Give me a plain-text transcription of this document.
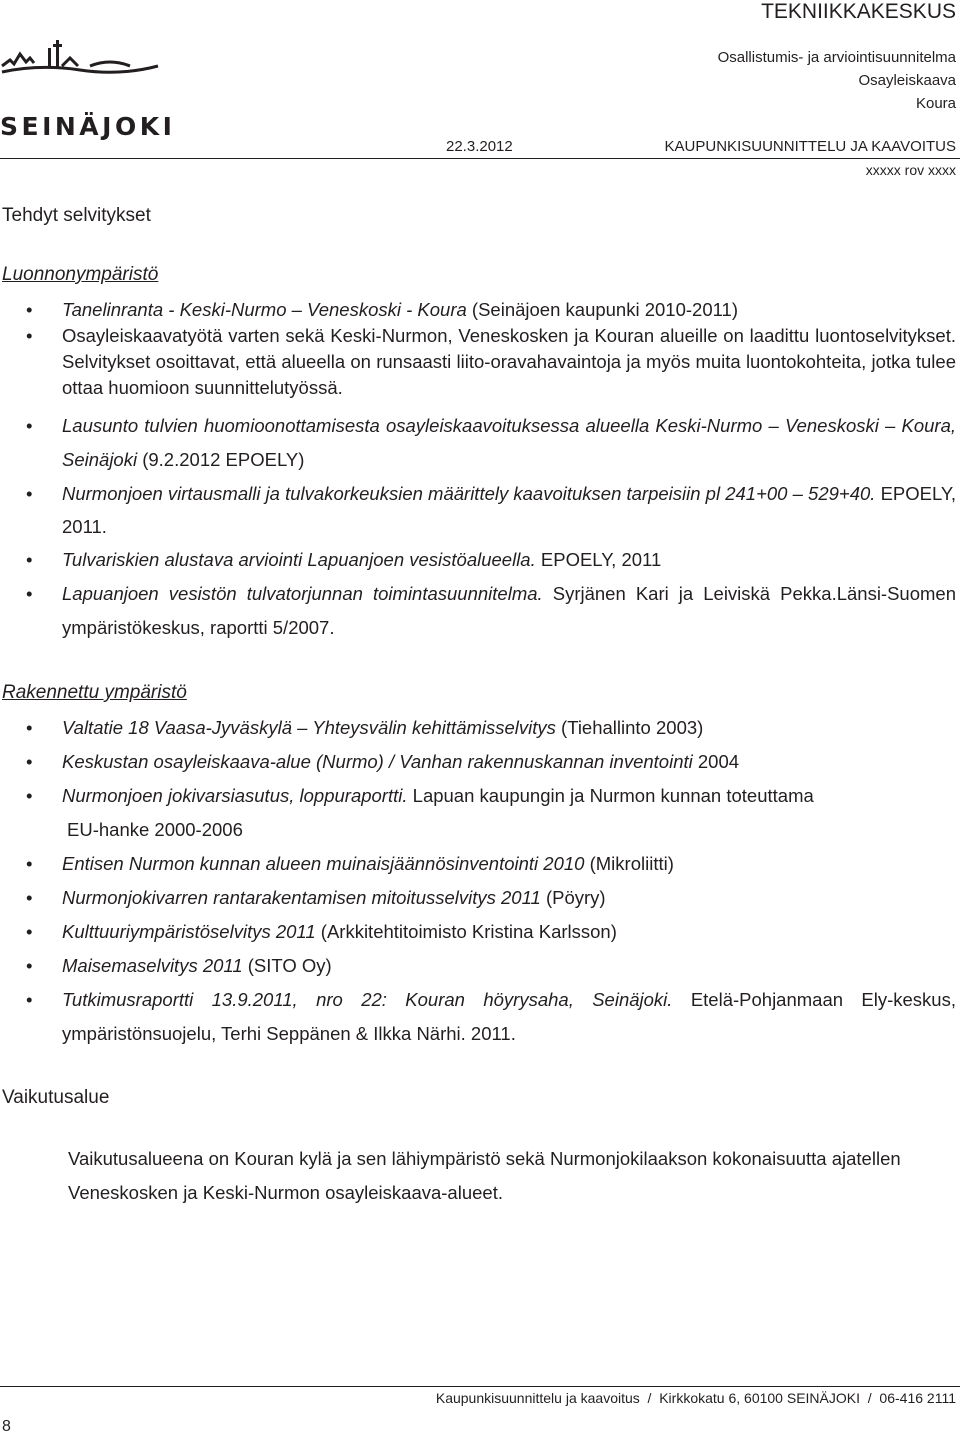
TEKNIIKKAKESKUS
Osallistumis- ja arviointisuunnitelma
Osayleiskaava
Koura
22.3.2012	KAUPUNKISUUNNITTELU JA KAAVOITUS
xxxxx rov xxxx
SEINÄJOKI
Tehdyt selvitykset
Luonnonympäristö
• Tanelinranta - Keski-Nurmo – Veneskoski - Koura (Seinäjoen kaupunki 2010-2011)
• Osayleiskaavatyötä varten sekä Keski-Nurmon, Veneskosken ja Kouran alueille on laadittu luontoselvitykset. Selvitykset osoittavat, että alueella on runsaasti liito-oravahavaintoja ja myös muita luontokohteita, jotka tulee ottaa huomioon suunnittelutyössä.
• Lausunto tulvien huomioonottamisesta osayleiskaavoituksessa alueella Keski-Nurmo – Veneskoski – Koura, Seinäjoki (9.2.2012 EPOELY)
• Nurmonjoen virtausmalli ja tulvakorkeuksien määrittely kaavoituksen tarpeisiin pl 241+00 – 529+40. EPOELY, 2011.
• Tulvariskien alustava arviointi Lapuanjoen vesistöalueella. EPOELY, 2011
• Lapuanjoen vesistön tulvatorjunnan toimintasuunnitelma. Syrjänen Kari ja Leiviskä Pekka.Länsi-Suomen ympäristökeskus, raportti 5/2007.
Rakennettu ympäristö
• Valtatie 18 Vaasa-Jyväskylä – Yhteysvälin kehittämisselvitys (Tiehallinto 2003)
• Keskustan osayleiskaava-alue (Nurmo) / Vanhan rakennuskannan inventointi 2004
• Nurmonjoen jokivarsiasutus, loppuraportti. Lapuan kaupungin ja Nurmon kunnan toteuttama
EU-hanke 2000-2006
• Entisen Nurmon kunnan alueen muinaisjäännösinventointi 2010 (Mikroliitti)
• Nurmonjokivarren rantarakentamisen mitoitusselvitys 2011 (Pöyry)
• Kulttuuriympäristöselvitys 2011 (Arkkitehtitoimisto Kristina Karlsson)
• Maisemaselvitys 2011 (SITO Oy)
• Tutkimusraportti 13.9.2011, nro 22: Kouran höyrysaha, Seinäjoki. Etelä-Pohjanmaan Ely-keskus, ympäristönsuojelu, Terhi Seppänen & Ilkka Närhi. 2011.
Vaikutusalue
Vaikutusalueena on Kouran kylä ja sen lähiympäristö sekä Nurmonjokilaakson kokonaisuutta ajatellen Veneskosken ja Keski-Nurmon osayleiskaava-alueet.
Kaupunkisuunnittelu ja kaavoitus  /  Kirkkokatu 6, 60100 SEINÄJOKI  /  06-416 2111
8
